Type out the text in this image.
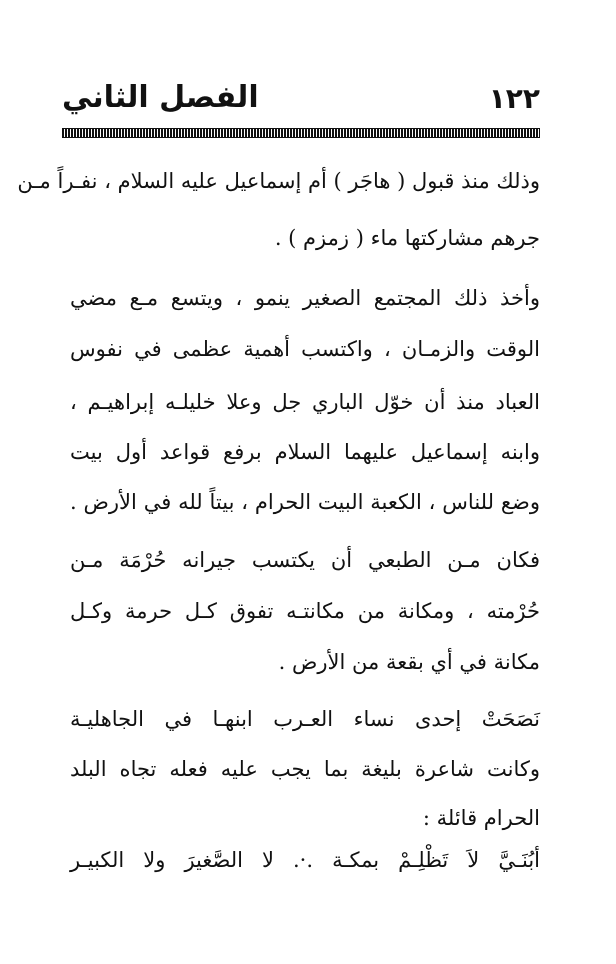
الفصل الثاني	١٢٢
وذلك منذ قبول ( هاجَر ) أم إسماعيل عليه السلام ، نفـراً مـن
جرهم مشاركتها ماء ( زمزم ) .
وأخذ ذلك المجتمع الصغير ينمو ، ويتسع مـع مضي
الوقت والزمـان ، واكتسب أهمية عظمى في نفوس
العباد منذ أن خوّل الباري جل وعلا خليلـه إبراهيـم ،
وابنه إسماعيل عليهما السلام برفع قواعد أول بيت
وضع للناس ، الكعبة البيت الحرام ، بيتاً لله في الأرض .
فكان مـن الطبعي أن يكتسب جيرانه حُرْمَة مـن
حُرْمته ، ومكانة من مكانتـه تفوق كـل حرمة وكـل
مكانة في أي بقعة من الأرض .
نَصَحَتْ إحدى نساء العـرب ابنهـا في الجاهليـة
وكانت شاعرة بليغة بما يجب عليه فعله تجاه البلد
الحرام قائلة :
أبُنَـيَّ لاَ تَظْلِـمْ بمكـة .·. لا الصَّغيرَ ولا الكبيـر
